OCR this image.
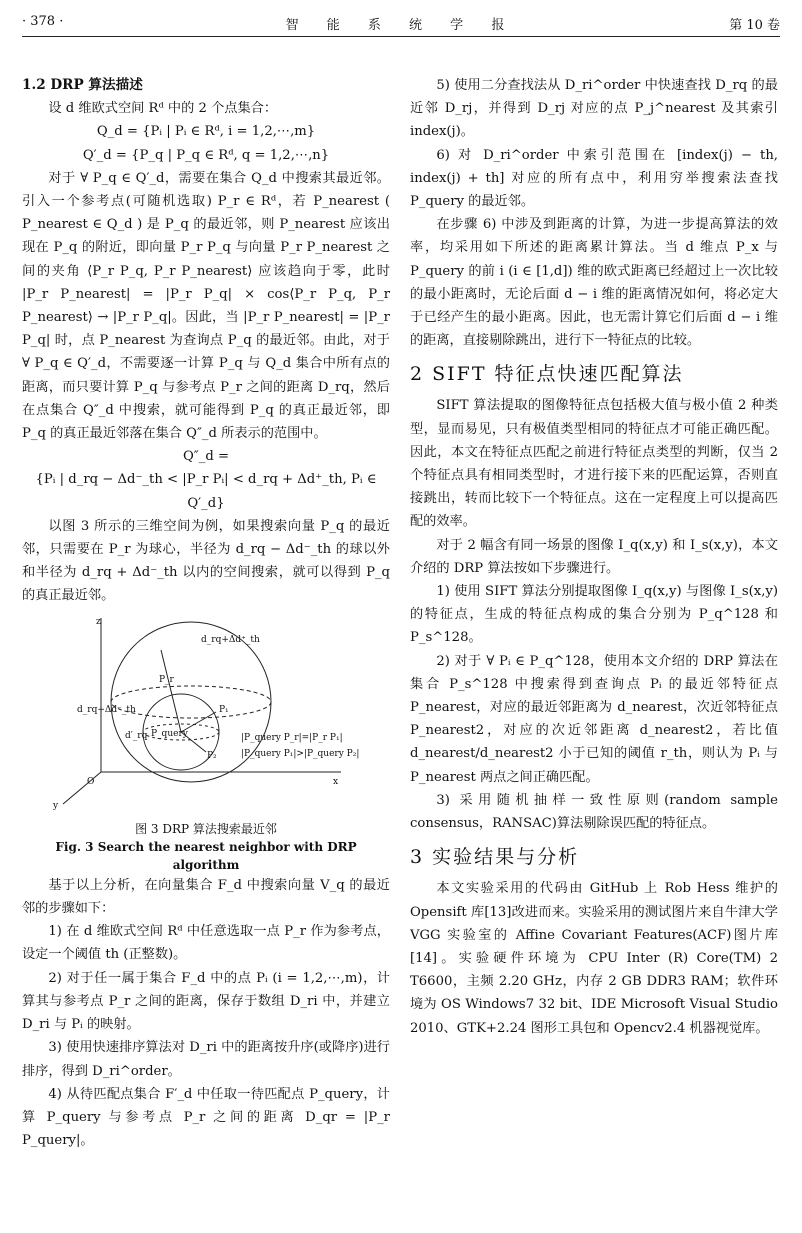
· 378 ·	智 能 系 统 学 报	第 10 卷

1.2 DRP 算法描述

设 d 维欧式空间 Rᵈ 中的 2 个点集合：

Q_d = {Pᵢ | Pᵢ ∈ Rᵈ, i = 1,2,⋯,m}

Q′_d = {P_q | P_q ∈ Rᵈ, q = 1,2,⋯,n}

对于 ∀ P_q ∈ Q′_d，需要在集合 Q_d 中搜索其最近邻。引入一个参考点(可随机选取) P_r ∈ Rᵈ，若 P_nearest ( P_nearest ∈ Q_d ) 是 P_q 的最近邻，则 P_nearest 应该出现在 P_q 的附近，即向量 P_r P_q 与向量 P_r P_nearest 之间的夹角 ⟨P_r P_q, P_r P_nearest⟩ 应该趋向于零，此时 |P_r P_nearest| = |P_r P_q| × cos⟨P_r P_q, P_r P_nearest⟩ → |P_r P_q|。因此，当 |P_r P_nearest| = |P_r P_q| 时，点 P_nearest 为查询点 P_q 的最近邻。由此，对于 ∀ P_q ∈ Q′_d，不需要逐一计算 P_q 与 Q_d 集合中所有点的距离，而只要计算 P_q 与参考点 P_r 之间的距离 D_rq，然后在点集合 Q″_d 中搜索，就可能得到 P_q 的真正最近邻，即 P_q 的真正最近邻落在集合 Q″_d 所表示的范围中。

Q″_d =

{Pᵢ | d_rq − Δd⁻_th < |P_r Pᵢ| < d_rq + Δd⁺_th, Pᵢ ∈ Q′_d}

以图 3 所示的三维空间为例，如果搜索向量 P_q 的最近邻，只需要在 P_r 为球心，半径为 d_rq − Δd⁻_th 的球以外和半径为 d_rq + Δd⁻_th 以内的空间搜索，就可以得到 P_q 的真正最近邻。

z
y
x
O
d_rq+Δd⁺_th
d_rq+Δd⁻_th
d′_rq
P_r
P_query
P₁
P₂
|P_query P_r|=|P_r P₁|
|P_query P₁|>|P_query P₂|

图 3 DRP 算法搜索最近邻

Fig. 3 Search the nearest neighbor with DRP algorithm

基于以上分析，在向量集合 F_d 中搜索向量 V_q 的最近邻的步骤如下：

1) 在 d 维欧式空间 Rᵈ 中任意选取一点 P_r 作为参考点，设定一个阈值 th (正整数)。

2) 对于任一属于集合 F_d 中的点 Pᵢ (i = 1,2,⋯,m)，计算其与参考点 P_r 之间的距离，保存于数组 D_ri 中，并建立 D_ri 与 Pᵢ 的映射。

3) 使用快速排序算法对 D_ri 中的距离按升序(或降序)进行排序，得到 D_ri^order。

4) 从待匹配点集合 F′_d 中任取一待匹配点 P_query，计算 P_query 与参考点 P_r 之间的距离 D_qr = |P_r P_query|。

5) 使用二分查找法从 D_ri^order 中快速查找 D_rq 的最近邻 D_rj，并得到 D_rj 对应的点 P_j^nearest 及其索引 index(j)。

6) 对 D_ri^order 中索引范围在 [index(j) − th, index(j) + th] 对应的所有点中，利用穷举搜索法查找 P_query 的最近邻。

在步骤 6) 中涉及到距离的计算，为进一步提高算法的效率，均采用如下所述的距离累计算法。当 d 维点 P_x 与 P_query 的前 i (i ∈ [1,d]) 维的欧式距离已经超过上一次比较的最小距离时，无论后面 d − i 维的距离情况如何，将必定大于已经产生的最小距离。因此，也无需计算它们后面 d − i 维的距离，直接剔除跳出，进行下一特征点的比较。

2 SIFT 特征点快速匹配算法

SIFT 算法提取的图像特征点包括极大值与极小值 2 种类型，显而易见，只有极值类型相同的特征点才可能正确匹配。因此，本文在特征点匹配之前进行特征点类型的判断，仅当 2 个特征点具有相同类型时，才进行接下来的匹配运算，否则直接跳出，转而比较下一个特征点。这在一定程度上可以提高匹配的效率。

对于 2 幅含有同一场景的图像 I_q(x,y) 和 I_s(x,y)，本文介绍的 DRP 算法按如下步骤进行。

1) 使用 SIFT 算法分别提取图像 I_q(x,y) 与图像 I_s(x,y) 的特征点，生成的特征点构成的集合分别为 P_q^128 和 P_s^128。

2) 对于 ∀ Pᵢ ∈ P_q^128，使用本文介绍的 DRP 算法在集合 P_s^128 中搜索得到查询点 Pᵢ 的最近邻特征点 P_nearest，对应的最近邻距离为 d_nearest，次近邻特征点 P_nearest2，对应的次近邻距离 d_nearest2，若比值 d_nearest/d_nearest2 小于已知的阈值 r_th，则认为 Pᵢ 与 P_nearest 两点之间正确匹配。

3) 采用随机抽样一致性原则(random sample consensus，RANSAC)算法剔除误匹配的特征点。

3 实验结果与分析

本文实验采用的代码由 GitHub 上 Rob Hess 维护的 Opensift 库[13]改进而来。实验采用的测试图片来自牛津大学 VGG 实验室的 Affine Covariant Features(ACF)图片库[14]。实验硬件环境为 CPU Inter (R) Core(TM) 2 T6600，主频 2.20 GHz，内存 2 GB DDR3 RAM；软件环境为 OS Windows7 32 bit、IDE Microsoft Visual Studio 2010、GTK+2.24 图形工具包和 Opencv2.4 机器视觉库。
